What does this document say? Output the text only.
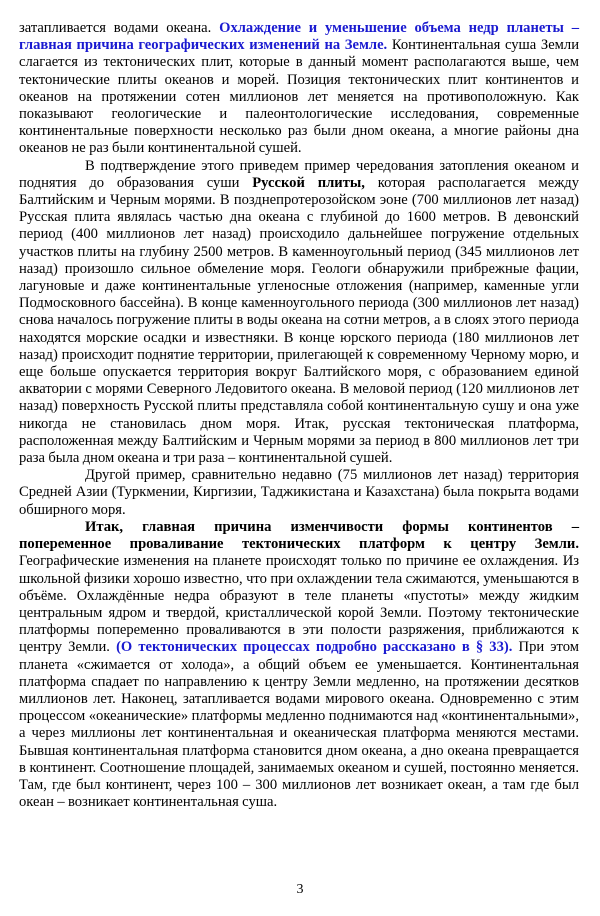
затапливается водами океана. Охлаждение и уменьшение объема недр планеты – главная причина географических изменений на Земле. Континентальная суша Земли слагается из тектонических плит, которые в данный момент располагаются выше, чем тектонические плиты океанов и морей. Позиция тектонических плит континентов и океанов на протяжении сотен миллионов лет меняется на противоположную. Как показывают геологические и палеонтологические исследования, современные континентальные поверхности несколько раз были дном океана, а многие районы дна океанов не раз были континентальной сушей.

В подтверждение этого приведем пример чередования затопления океаном и поднятия до образования суши Русской плиты, которая располагается между Балтийским и Черным морями. В позднепротерозойском эоне (700 миллионов лет назад) Русская плита являлась частью дна океана с глубиной до 1600 метров. В девонский период (400 миллионов лет назад) происходило дальнейшее погружение отдельных участков плиты на глубину 2500 метров. В каменноугольный период (345 миллионов лет назад) произошло сильное обмеление моря. Геологи обнаружили прибрежные фации, лагуновые и даже континентальные угленосные отложения (например, каменные угли Подмосковного бассейна). В конце каменноугольного периода (300 миллионов лет назад) снова началось погружение плиты в воды океана на сотни метров, а в слоях этого периода находятся морские осадки и известняки. В конце юрского периода (180 миллионов лет назад) происходит поднятие территории, прилегающей к современному Черному морю, и еще больше опускается территория вокруг Балтийского моря, с образованием единой акватории с морями Северного Ледовитого океана. В меловой период (120 миллионов лет назад) поверхность Русской плиты представляла собой континентальную сушу и она уже никогда не становилась дном моря. Итак, русская тектоническая платформа, расположенная между Балтийским и Черным морями за период в 800 миллионов лет три раза была дном океана и три раза – континентальной сушей.

Другой пример, сравнительно недавно (75 миллионов лет назад) территория Средней Азии (Туркмении, Киргизии, Таджикистана и Казахстана) была покрыта водами обширного моря.

Итак, главная причина изменчивости формы континентов – попеременное проваливание тектонических платформ к центру Земли. Географические изменения на планете происходят только по причине ее охлаждения. Из школьной физики хорошо известно, что при охлаждении тела сжимаются, уменьшаются в объёме. Охлаждённые недра образуют в теле планеты «пустоты» между жидким центральным ядром и твердой, кристаллической корой Земли. Поэтому тектонические платформы попеременно проваливаются в эти полости разряжения, приближаются к центру Земли. (О тектонических процессах подробно рассказано в § 33). При этом планета «сжимается от холода», а общий объем ее уменьшается. Континентальная платформа спадает по направлению к центру Земли медленно, на протяжении десятков миллионов лет. Наконец, затапливается водами мирового океана. Одновременно с этим процессом «океанические» платформы медленно поднимаются над «континентальными», а через миллионы лет континентальная и океаническая платформа меняются местами. Бывшая континентальная платформа становится дном океана, а дно океана превращается в континент. Соотношение площадей, занимаемых океаном и сушей, постоянно меняется. Там, где был континент, через 100 – 300 миллионов лет возникает океан, а там где был океан – возникает континентальная суша.

3
